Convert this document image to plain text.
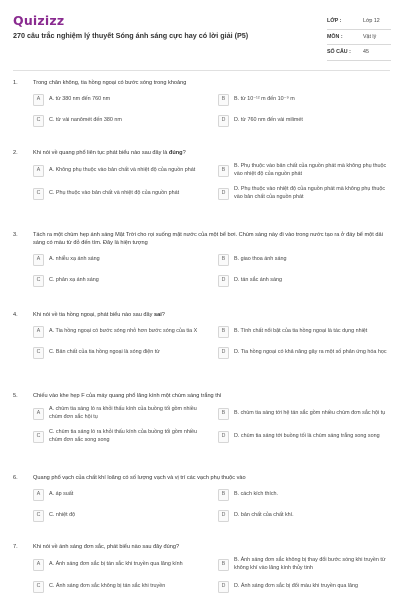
Quizizz
270 câu trắc nghiệm lý thuyết Sóng ánh sáng cực hay có lời giải (P5)
LỚP :	Lớp 12
MÔN :	Vật lý
SỐ CÂU :	45
1.	Trong chân không, tia hồng ngoại có bước sóng trong khoảng
A	A. từ 380 nm đến 760 nm	B	B. từ 10⁻¹² m đến 10⁻⁹ m
C	C. từ vài nanômét đến 380 nm	D	D. từ 760 nm đến vài milimét
2.	Khi nói về quang phổ liên tục phát biểu nào sau đây là đúng?
A	A. Không phụ thuộc vào bản chất và nhiệt độ của nguồn phát	B
B. Phụ thuộc vào bản chất của nguồn phát mà không phụ thuộc vào nhiệt độ của nguồn phát
C	C. Phụ thuộc vào bản chất và nhiệt độ của nguồn phát	D
D. Phụ thuộc vào nhiệt độ của nguồn phát mà không phụ thuộc vào bản chất của nguồn phát
3.	Tách ra một chùm hẹp ánh sáng Mặt Trời cho rọi xuống mặt nước của một bể bơi. Chùm sáng này đi vào trong nước tạo ra ở đáy bể một dải sáng có màu từ đỏ đến tím. Đây là hiện tượng
A	A. nhiễu xạ ánh sáng	B	B. giao thoa ánh sáng
C	C. phản xạ ánh sáng	D	D. tán sắc ánh sáng
4.	Khi nói về tia hồng ngoại, phát biểu nào sau đây sai?
A	A. Tia hồng ngoại có bước sóng nhỏ hơn bước sóng của tia X	B	B. Tính chất nổi bật của tia hồng ngoại là tác dụng nhiệt
C	C. Bản chất của tia hồng ngoại là sóng điện từ	D	D. Tia hồng ngoại có khả năng gây ra một số phản ứng hóa học
5.	Chiếu vào khe hẹp F của máy quang phổ lăng kính một chùm sáng trắng thì
A
A. chùm tia sáng ló ra khỏi thấu kính của buồng tối gồm nhiều chùm đơn sắc hội tụ
B	B. chùm tia sáng tới hệ tán sắc gồm nhiều chùm đơn sắc hội tụ
C
C. chùm tia sáng ló ra khỏi thấu kính của buồng tối gồm nhiều chùm đơn sắc song song
D	D. chùm tia sáng tới buồng tối là chùm sáng trắng song song
6.	Quang phổ vạch của chất khí loãng có số lượng vạch và vị trí các vạch phụ thuộc vào
A	A. áp suất	B	B. cách kích thích.
C	C. nhiệt độ	D	D. bản chất của chất khí.
7.	Khi nói về ánh sáng đơn sắc, phát biểu nào sau đây đúng?
A	A. Ánh sáng đơn sắc bị tán sắc khi truyền qua lăng kính	B
B. Ánh sáng đơn sắc không bị thay đổi bước sóng khi truyền từ không khí vào lăng kính thủy tinh
C	C. Ánh sáng đơn sắc không bị tán sắc khi truyền	D	D. Ánh sáng đơn sắc bị đổi màu khi truyền qua lăng
